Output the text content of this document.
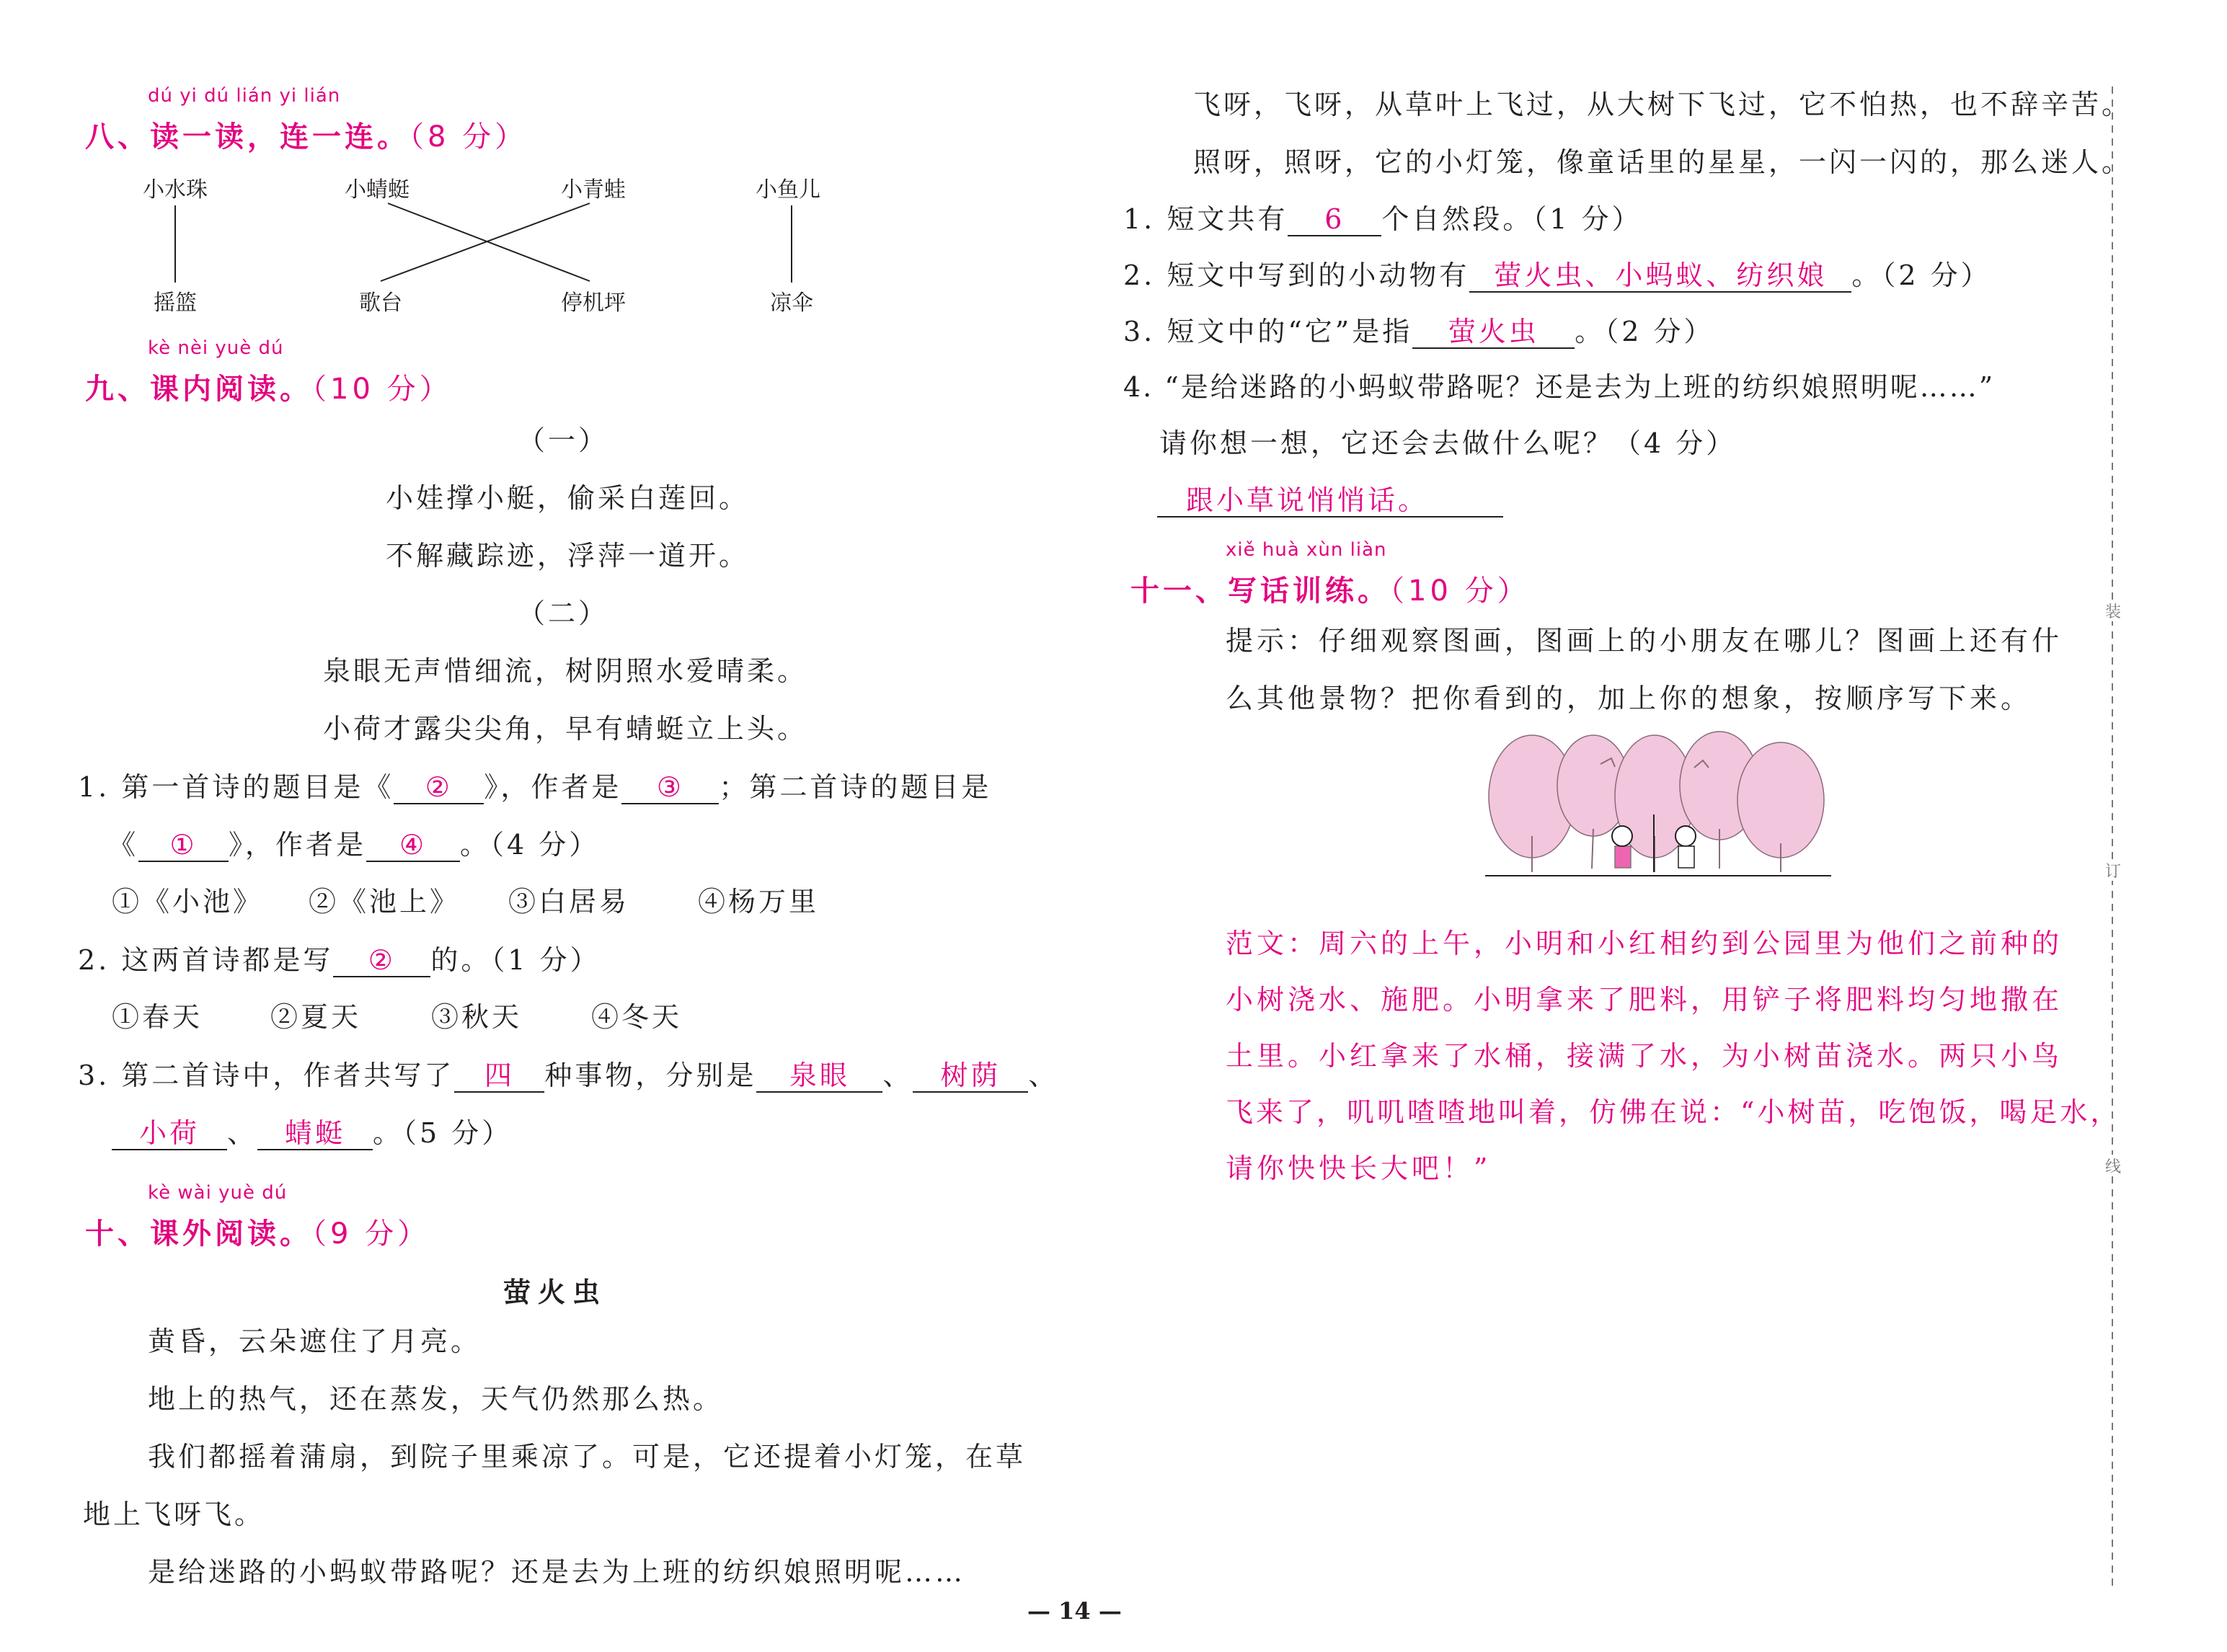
dú yi dú lián yi lián
八、读一读，连一连。（8 分）
小水珠	小蜻蜓	小青蛙	小鱼儿
摇篮	歌台	停机坪	凉伞
kè nèi yuè dú
九、课内阅读。（10 分）
（一）
小娃撑小艇，偷采白莲回。
不解藏踪迹，浮萍一道开。
（二）
泉眼无声惜细流，树阴照水爱晴柔。
小荷才露尖尖角，早有蜻蜓立上头。
1. 第一首诗的题目是《 ② 》，作者是 ③ ；第二首诗的题目是
《 ① 》，作者是 ④ 。（4 分）
①《小池》 ②《池上》 ③白居易 ④杨万里
2. 这两首诗都是写 ② 的。（1 分）
①春天 ②夏天	③秋天	④冬天
3. 第二首诗中，作者共写了 四 种事物，分别是 泉眼 、 树荫 、
小荷 、 蜻蜓 。（5 分）
kè wài yuè dú
十、课外阅读。（9 分）
萤火虫
黄昏，云朵遮住了月亮。
地上的热气，还在蒸发，天气仍然那么热。
我们都摇着蒲扇，到院子里乘凉了。可是，它还提着小灯笼，在草
地上飞呀飞。
是给迷路的小蚂蚁带路呢？还是去为上班的纺织娘照明呢……
飞呀，飞呀，从草叶上飞过，从大树下飞过，它不怕热，也不辞辛苦。
照呀，照呀，它的小灯笼，像童话里的星星，一闪一闪的，那么迷人。
1. 短文共有 6 个自然段。（1 分）
2. 短文中写到的小动物有 萤火虫、小蚂蚁、纺织娘 。（2 分）
3. 短文中的“它”是指 萤火虫 。（2 分）
4. “是给迷路的小蚂蚁带路呢？还是去为上班的纺织娘照明呢……”
请你想一想，它还会去做什么呢？（4 分）
跟小草说悄悄话。
xiě huà xùn liàn
十一、写话训练。（10 分）
提示：仔细观察图画，图画上的小朋友在哪儿？图画上还有什
么其他景物？把你看到的，加上你的想象，按顺序写下来。
范文：周六的上午，小明和小红相约到公园里为他们之前种的
小树浇水、施肥。小明拿来了肥料，用铲子将肥料均匀地撒在
土里。小红拿来了水桶，接满了水，为小树苗浇水。两只小鸟
飞来了，叽叽喳喳地叫着，仿佛在说：“小树苗，吃饱饭，喝足水，
请你快快长大吧！”
装
订
线
— 14 —
